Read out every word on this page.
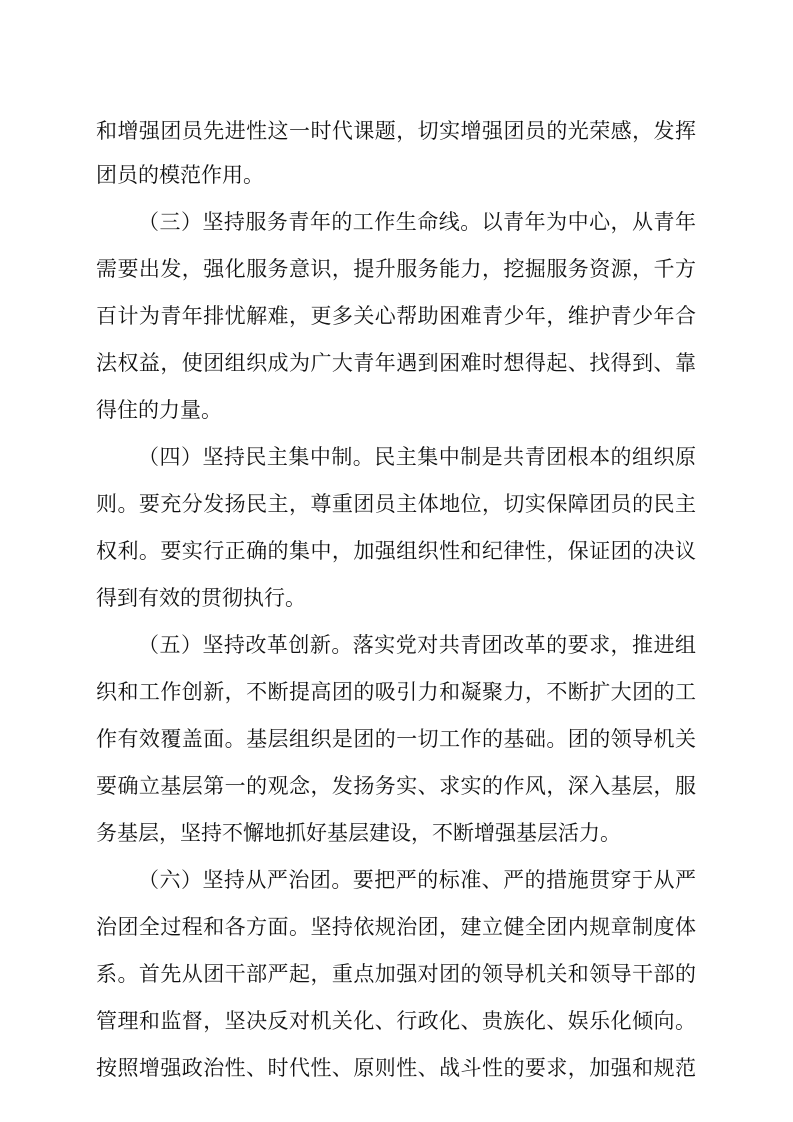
和增强团员先进性这一时代课题，切实增强团员的光荣感，发挥
团员的模范作用。
（三）坚持服务青年的工作生命线。以青年为中心，从青年
需要出发，强化服务意识，提升服务能力，挖掘服务资源，千方
百计为青年排忧解难，更多关心帮助困难青少年，维护青少年合
法权益，使团组织成为广大青年遇到困难时想得起、找得到、靠
得住的力量。
（四）坚持民主集中制。民主集中制是共青团根本的组织原
则。要充分发扬民主，尊重团员主体地位，切实保障团员的民主
权利。要实行正确的集中，加强组织性和纪律性，保证团的决议
得到有效的贯彻执行。
（五）坚持改革创新。落实党对共青团改革的要求，推进组
织和工作创新，不断提高团的吸引力和凝聚力，不断扩大团的工
作有效覆盖面。基层组织是团的一切工作的基础。团的领导机关
要确立基层第一的观念，发扬务实、求实的作风，深入基层，服
务基层，坚持不懈地抓好基层建设，不断增强基层活力。
（六）坚持从严治团。要把严的标准、严的措施贯穿于从严
治团全过程和各方面。坚持依规治团，建立健全团内规章制度体
系。首先从团干部严起，重点加强对团的领导机关和领导干部的
管理和监督，坚决反对机关化、行政化、贵族化、娱乐化倾向。
按照增强政治性、时代性、原则性、战斗性的要求，加强和规范
